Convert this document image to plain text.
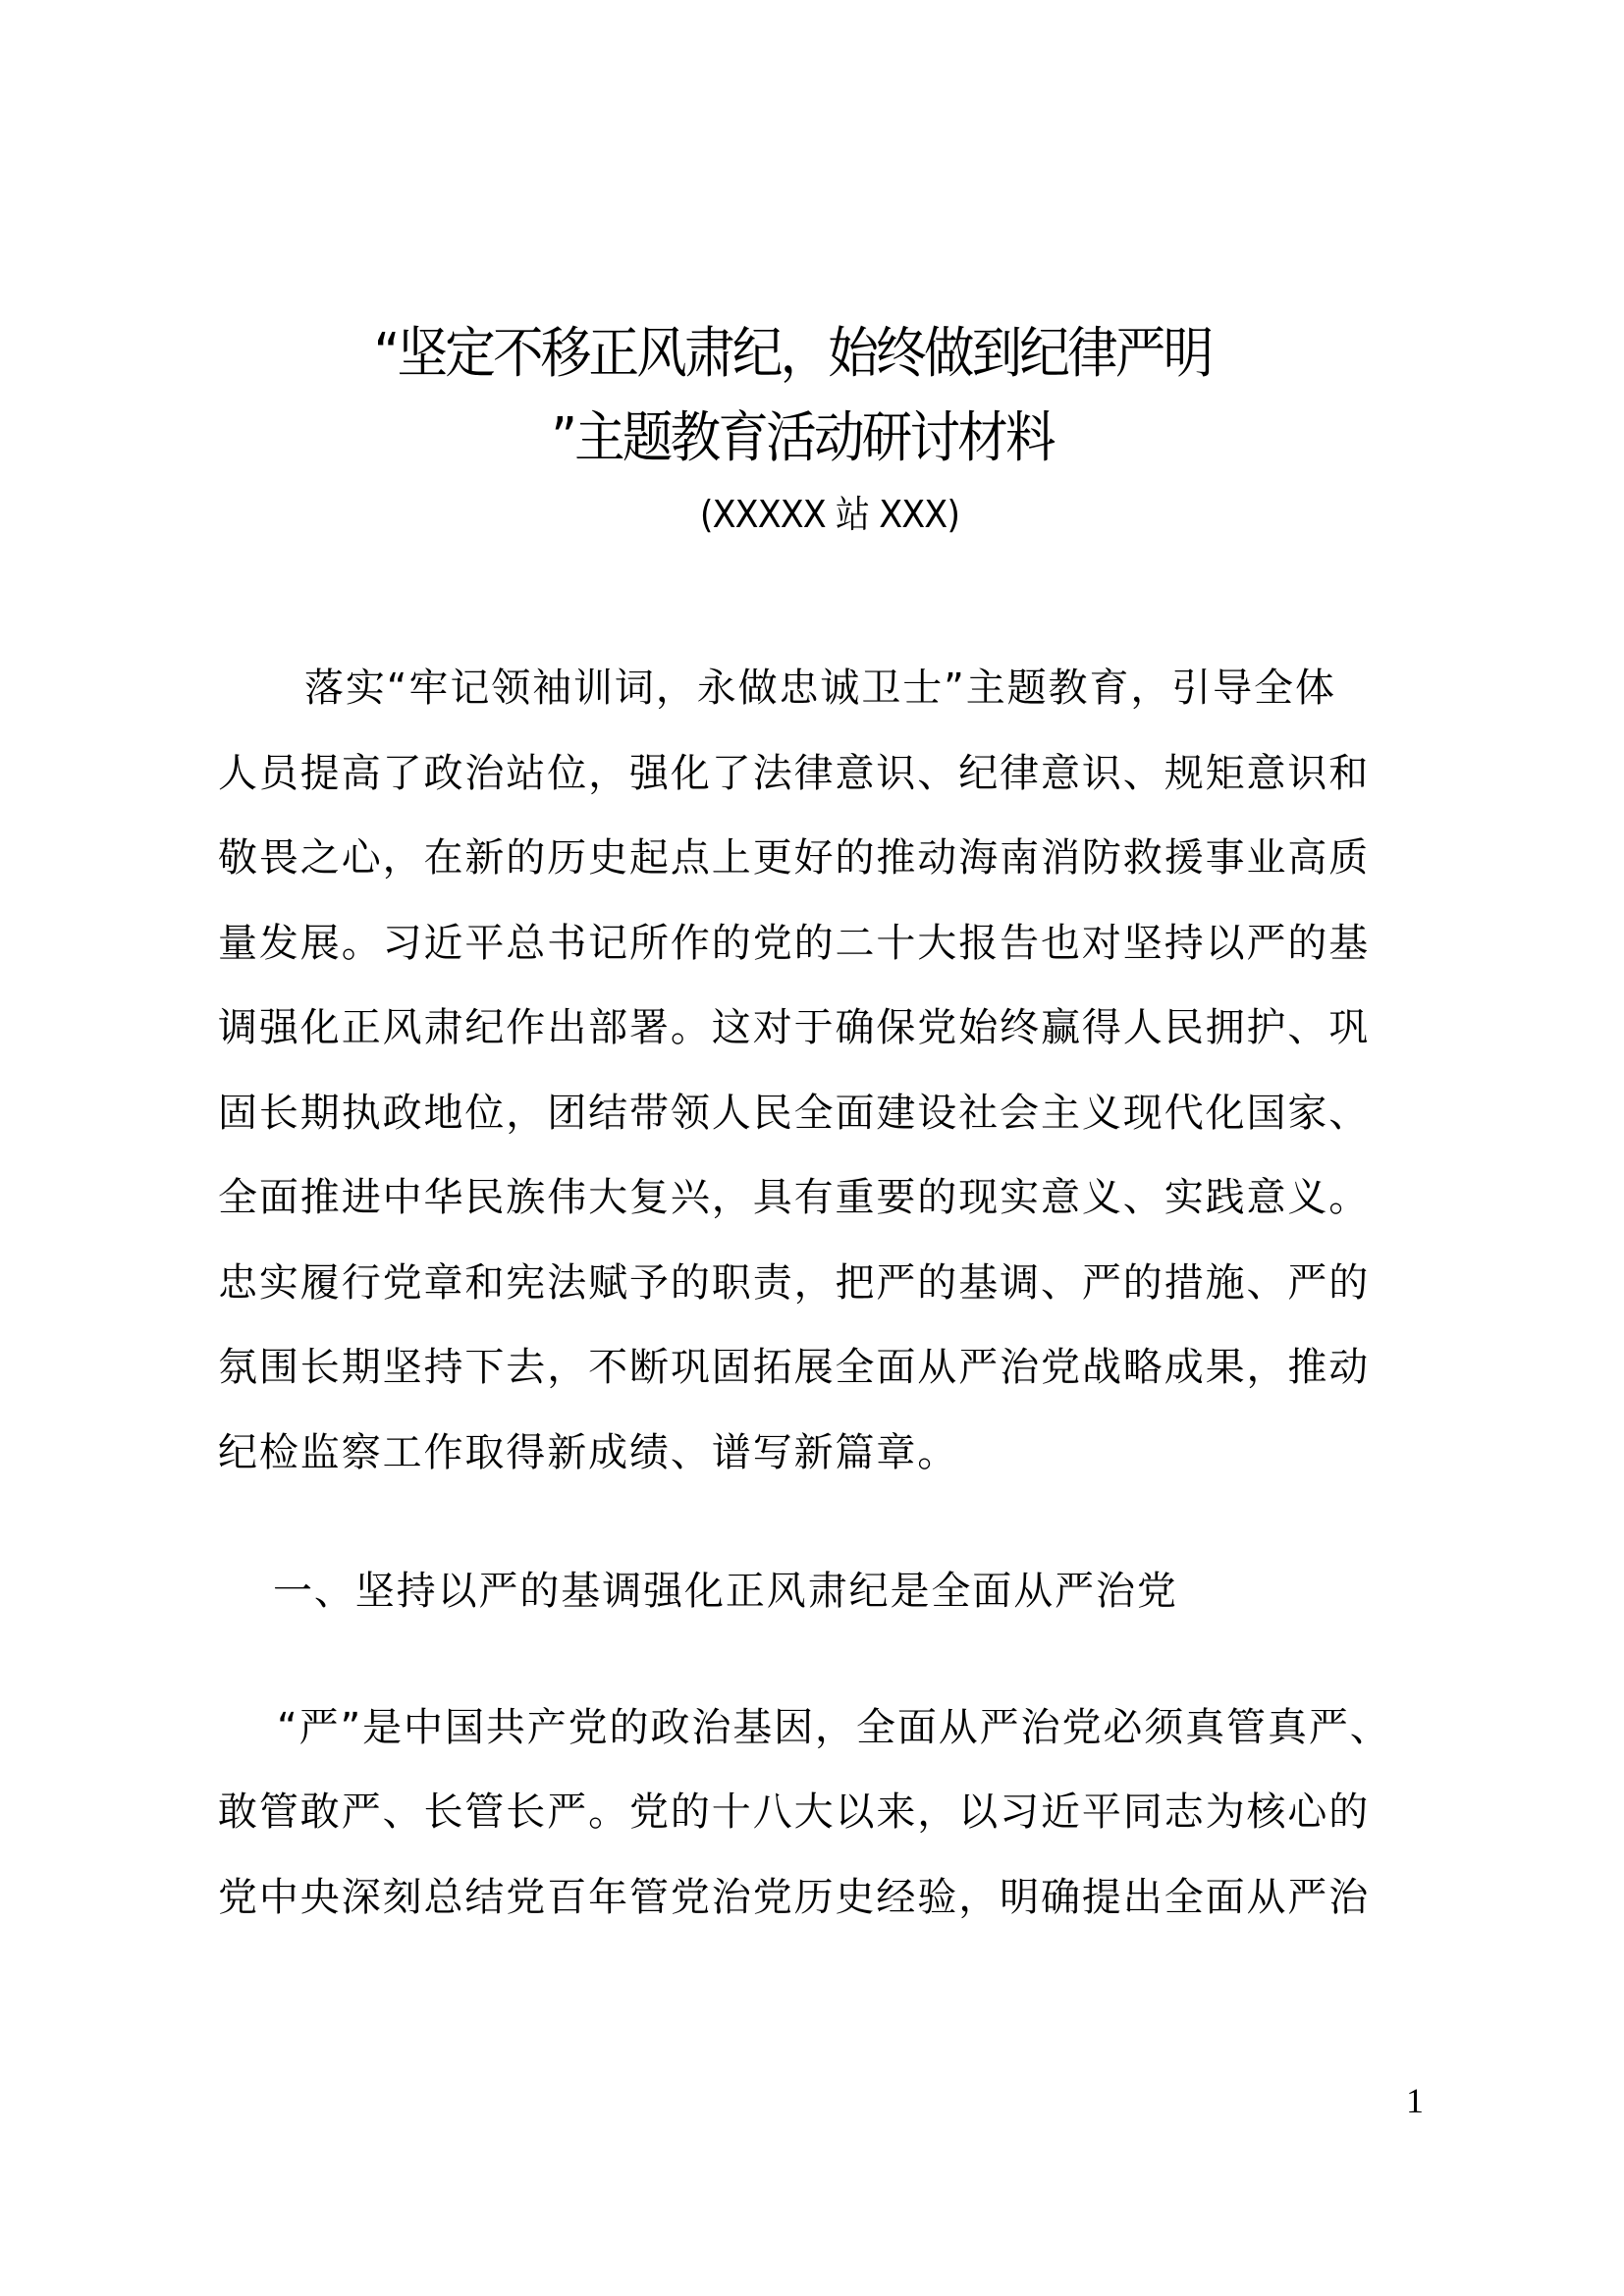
“坚定不移正风肃纪，始终做到纪律严明
”主题教育活动研讨材料
(XXXXX 站 XXX)

落实“牢记领袖训词，永做忠诚卫士”主题教育，引导全体
人员提高了政治站位，强化了法律意识、纪律意识、规矩意识和
敬畏之心，在新的历史起点上更好的推动海南消防救援事业高质
量发展。习近平总书记所作的党的二十大报告也对坚持以严的基
调强化正风肃纪作出部署。这对于确保党始终赢得人民拥护、巩
固长期执政地位，团结带领人民全面建设社会主义现代化国家、
全面推进中华民族伟大复兴，具有重要的现实意义、实践意义。
忠实履行党章和宪法赋予的职责，把严的基调、严的措施、严的
氛围长期坚持下去，不断巩固拓展全面从严治党战略成果，推动
纪检监察工作取得新成绩、谱写新篇章。

一、坚持以严的基调强化正风肃纪是全面从严治党

“严”是中国共产党的政治基因，全面从严治党必须真管真严、
敢管敢严、长管长严。党的十八大以来，以习近平同志为核心的
党中央深刻总结党百年管党治党历史经验，明确提出全面从严治

1
